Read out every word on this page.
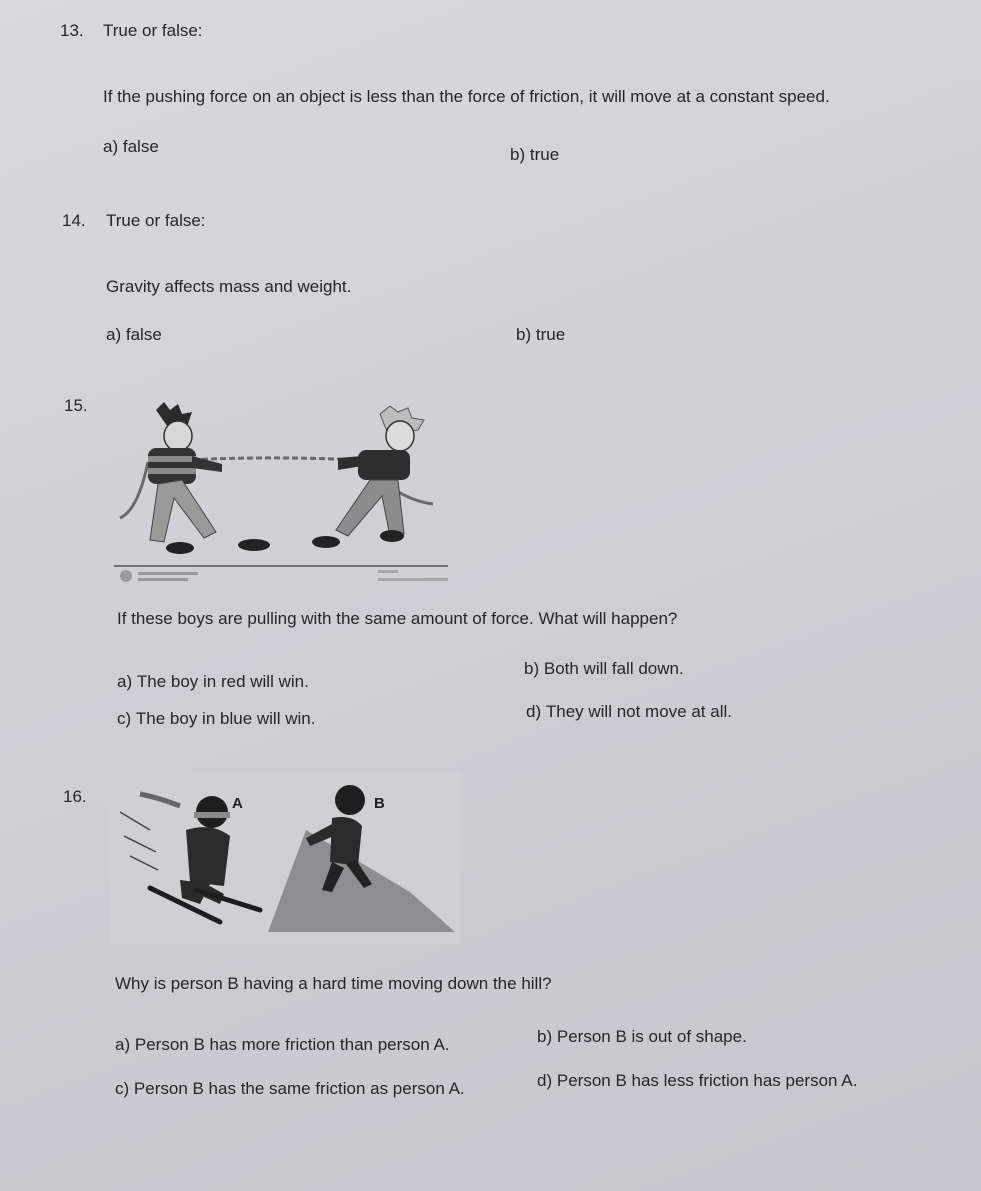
13. True or false:
If the pushing force on an object is less than the force of friction, it will move at a constant speed.
a) false	b) true
14. True or false:
Gravity affects mass and weight.
a) false	b) true
15.
If these boys are pulling with the same amount of force. What will happen?
a) The boy in red will win.
b) Both will fall down.
c) The boy in blue will win.	d) They will not move at all.
16.	A	B
Why is person B having a hard time moving down the hill?
a) Person B has more friction than person A.	b) Person B is out of shape.
c) Person B has the same friction as person A.	d) Person B has less friction has person A.
